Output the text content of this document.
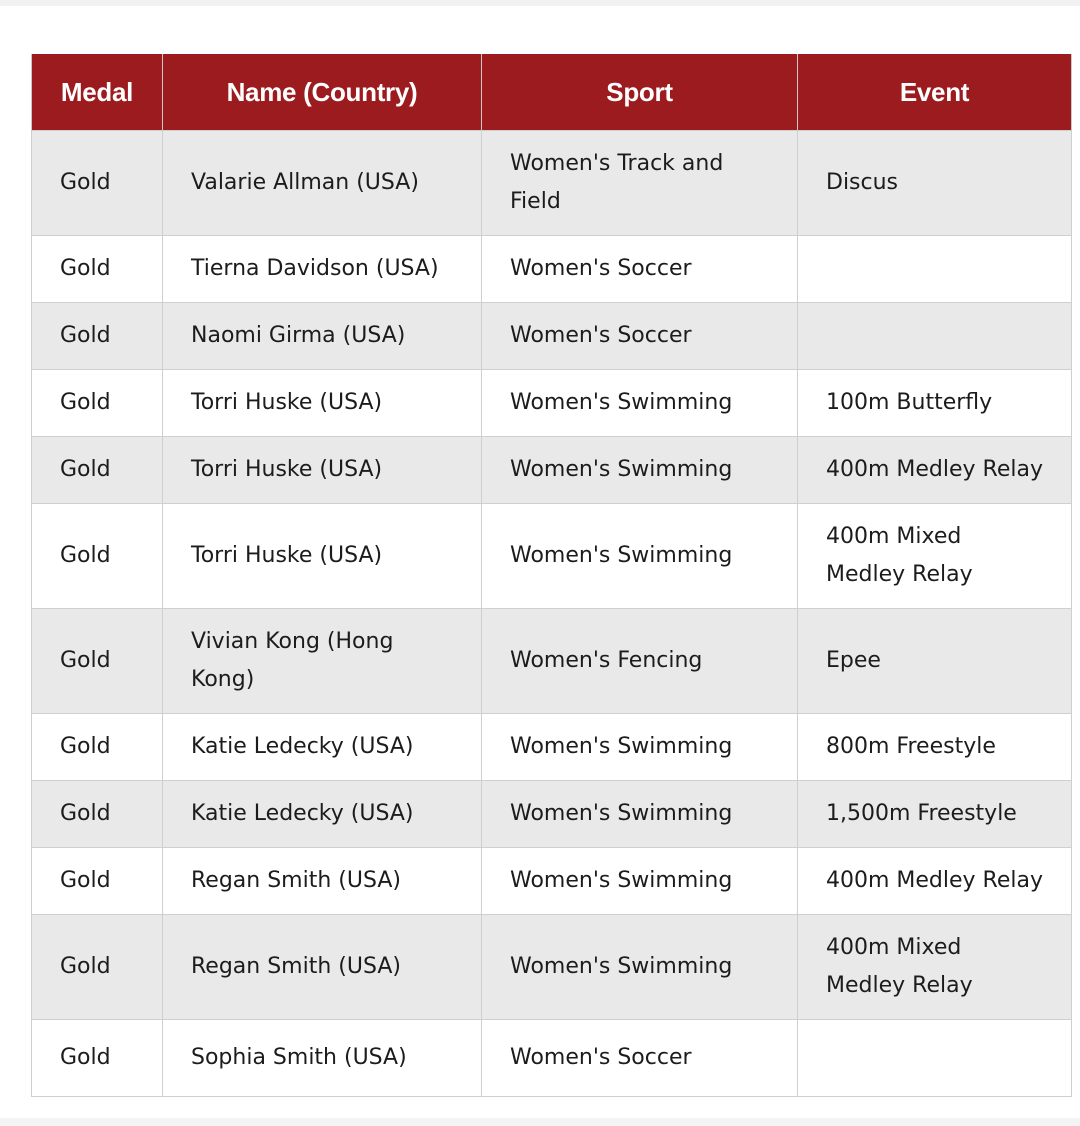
Medal	Name (Country)	Sport	Event
Gold	Valarie Allman (USA)	Women's Track and Field	Discus
Gold	Tierna Davidson (USA)	Women's Soccer	
Gold	Naomi Girma (USA)	Women's Soccer	
Gold	Torri Huske (USA)	Women's Swimming	100m Butterfly
Gold	Torri Huske (USA)	Women's Swimming	400m Medley Relay
Gold	Torri Huske (USA)	Women's Swimming	400m Mixed Medley Relay
Gold	Vivian Kong (Hong Kong)	Women's Fencing	Epee
Gold	Katie Ledecky (USA)	Women's Swimming	800m Freestyle
Gold	Katie Ledecky (USA)	Women's Swimming	1,500m Freestyle
Gold	Regan Smith (USA)	Women's Swimming	400m Medley Relay
Gold	Regan Smith (USA)	Women's Swimming	400m Mixed Medley Relay
Gold	Sophia Smith (USA)	Women's Soccer	
